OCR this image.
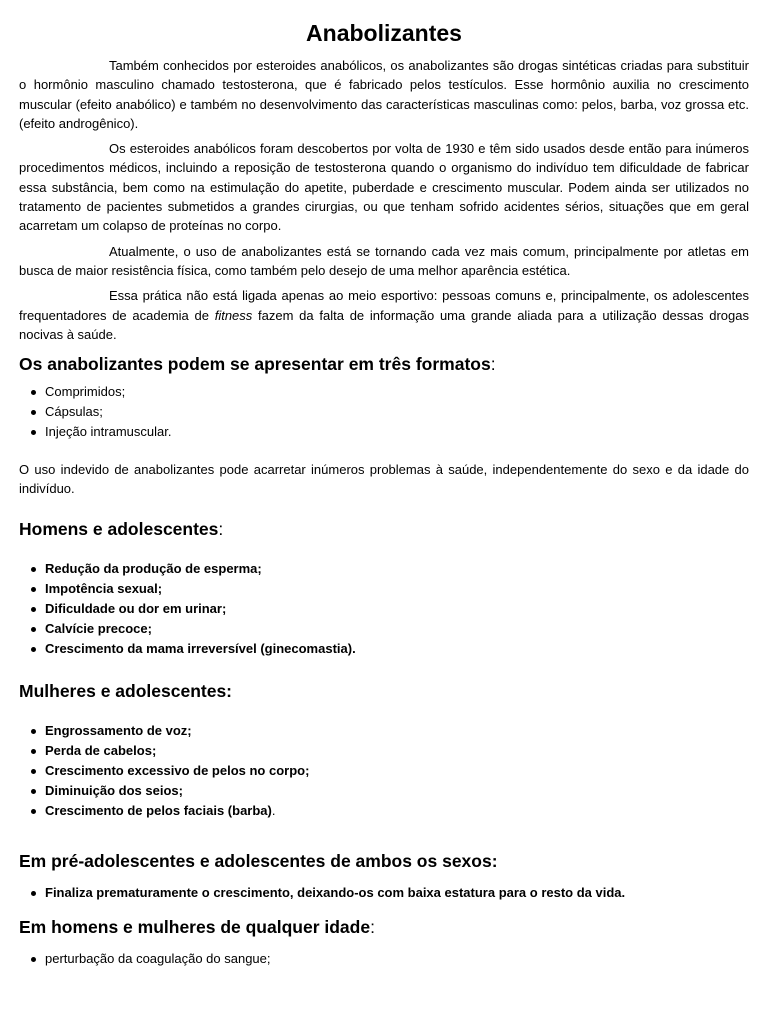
Anabolizantes

Também conhecidos por esteroides anabólicos, os anabolizantes são drogas sintéticas criadas para substituir o hormônio masculino chamado testosterona, que é fabricado pelos testículos. Esse hormônio auxilia no crescimento muscular (efeito anabólico) e também no desenvolvimento das características masculinas como: pelos, barba, voz grossa etc. (efeito androgênico).

Os esteroides anabólicos foram descobertos por volta de 1930 e têm sido usados desde então para inúmeros procedimentos médicos, incluindo a reposição de testosterona quando o organismo do indivíduo tem dificuldade de fabricar essa substância, bem como na estimulação do apetite, puberdade e crescimento muscular. Podem ainda ser utilizados no tratamento de pacientes submetidos a grandes cirurgias, ou que tenham sofrido acidentes sérios, situações que em geral acarretam um colapso de proteínas no corpo.

Atualmente, o uso de anabolizantes está se tornando cada vez mais comum, principalmente por atletas em busca de maior resistência física, como também pelo desejo de uma melhor aparência estética.

Essa prática não está ligada apenas ao meio esportivo: pessoas comuns e, principalmente, os adolescentes frequentadores de academia de fitness fazem da falta de informação uma grande aliada para a utilização dessas drogas nocivas à saúde.

Os anabolizantes podem se apresentar em três formatos:
Comprimidos;
Cápsulas;
Injeção intramuscular.

O uso indevido de anabolizantes pode acarretar inúmeros problemas à saúde, independentemente do sexo e da idade do indivíduo.

Homens e adolescentes:
Redução da produção de esperma;
Impotência sexual;
Dificuldade ou dor em urinar;
Calvície precoce;
Crescimento da mama irreversível (ginecomastia).
Mulheres e adolescentes:
Engrossamento de voz;
Perda de cabelos;
Crescimento excessivo de pelos no corpo;
Diminuição dos seios;
Crescimento de pelos faciais (barba).
Em pré-adolescentes e adolescentes de ambos os sexos:
Finaliza prematuramente o crescimento, deixando-os com baixa estatura para o resto da vida.
Em homens e mulheres de qualquer idade:
perturbação da coagulação do sangue;
